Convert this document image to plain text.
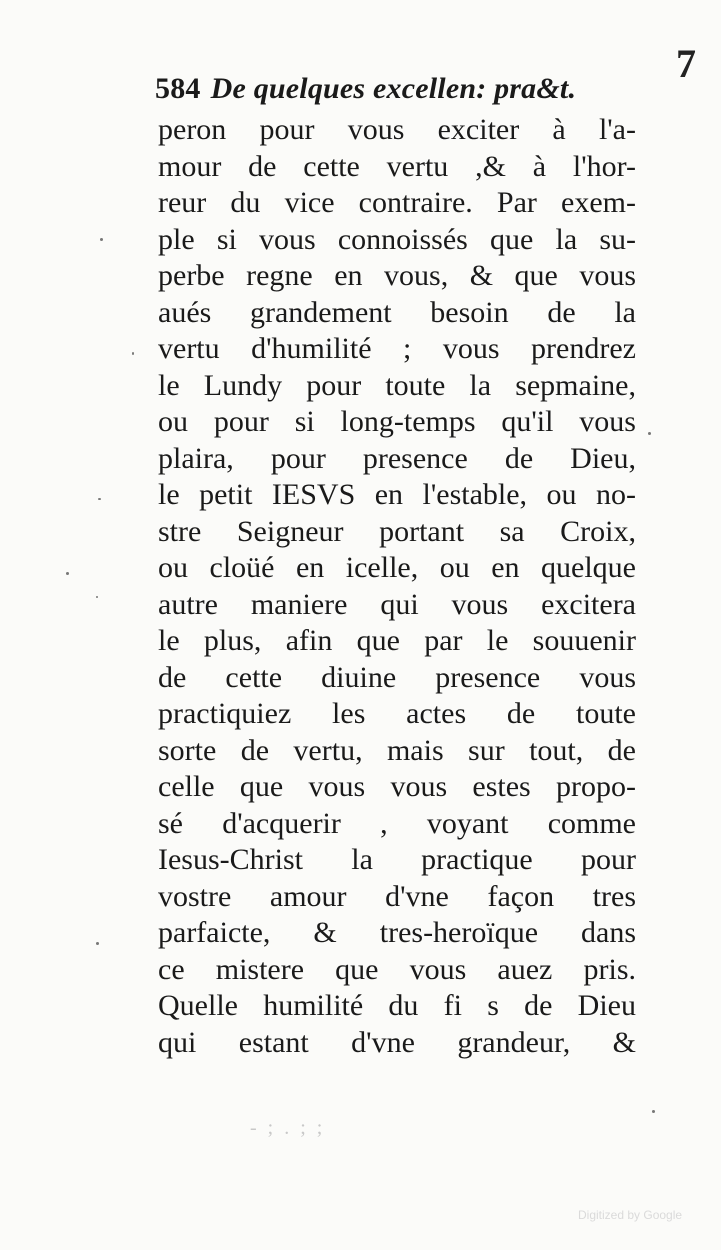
7
584 De quelques excellen: pra&t.
peron pour vous exciter à l'a-
mour de cette vertu ,& à l'hor-
reur du vice contraire. Par exem-
ple si vous connoissés que la su-
perbe regne en vous, & que vous
aués grandement besoin de la
vertu d'humilité ; vous prendrez
le Lundy pour toute la sepmaine,
ou pour si long-temps qu'il vous
plaira, pour presence de Dieu,
le petit IESVS en l'estable, ou no-
stre Seigneur portant sa Croix,
ou cloüé en icelle, ou en quelque
autre maniere qui vous excitera
le plus, afin que par le souuenir
de cette diuine presence vous
practiquiez les actes de toute
sorte de vertu, mais sur tout, de
celle que vous vous estes propo-
sé d'acquerir , voyant comme
Iesus-Christ la practique pour
vostre amour d'vne façon tres
parfaicte, & tres-heroïque dans
ce mistere que vous auez pris.
Quelle humilité du fi s de Dieu
qui estant d'vne grandeur, &
- ; . ; ;
Digitized by Google
